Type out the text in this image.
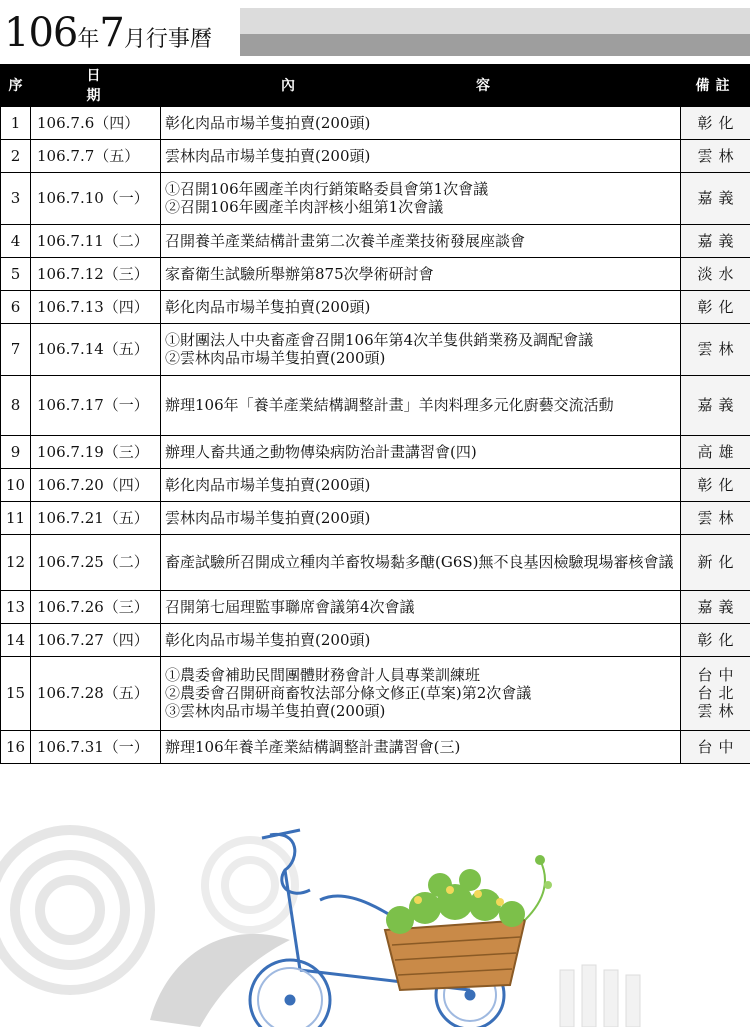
106年7月行事曆
序	日期	內 容	備註
1	106.7.6（四）	彰化肉品市場羊隻拍賣(200頭)	彰化

2	106.7.7（五）	雲林肉品市場羊隻拍賣(200頭)	雲林

3	106.7.10（一）	①召開106年國產羊肉行銷策略委員會第1次會議
②召開106年國產羊肉評核小組第1次會議	嘉義

4	106.7.11（二）	召開養羊產業結構計畫第二次養羊產業技術發展座談會	嘉義

5	106.7.12（三）	家畜衛生試驗所舉辦第875次學術研討會	淡水

6	106.7.13（四）	彰化肉品市場羊隻拍賣(200頭)	彰化

7	106.7.14（五）	①財團法人中央畜產會召開106年第4次羊隻供銷業務及調配會議
②雲林肉品市場羊隻拍賣(200頭)	雲林

8	106.7.17（一）	辦理106年「養羊產業結構調整計畫」羊肉料理多元化廚藝交流活動	嘉義

9	106.7.19（三）	辦理人畜共通之動物傳染病防治計畫講習會(四)	高雄

10	106.7.20（四）	彰化肉品市場羊隻拍賣(200頭)	彰化

11	106.7.21（五）	雲林肉品市場羊隻拍賣(200頭)	雲林

12	106.7.25（二）	畜產試驗所召開成立種肉羊畜牧場黏多醣(G6S)無不良基因檢驗現場審核會議	新化

13	106.7.26（三）	召開第七屆理監事聯席會議第4次會議	嘉義

14	106.7.27（四）	彰化肉品市場羊隻拍賣(200頭)	彰化

15	106.7.28（五）	①農委會補助民間團體財務會計人員專業訓練班
②農委會召開研商畜牧法部分條文修正(草案)第2次會議
③雲林肉品市場羊隻拍賣(200頭)	台中
台北
雲林

16	106.7.31（一）	辦理106年養羊產業結構調整計畫講習會(三)	台中
